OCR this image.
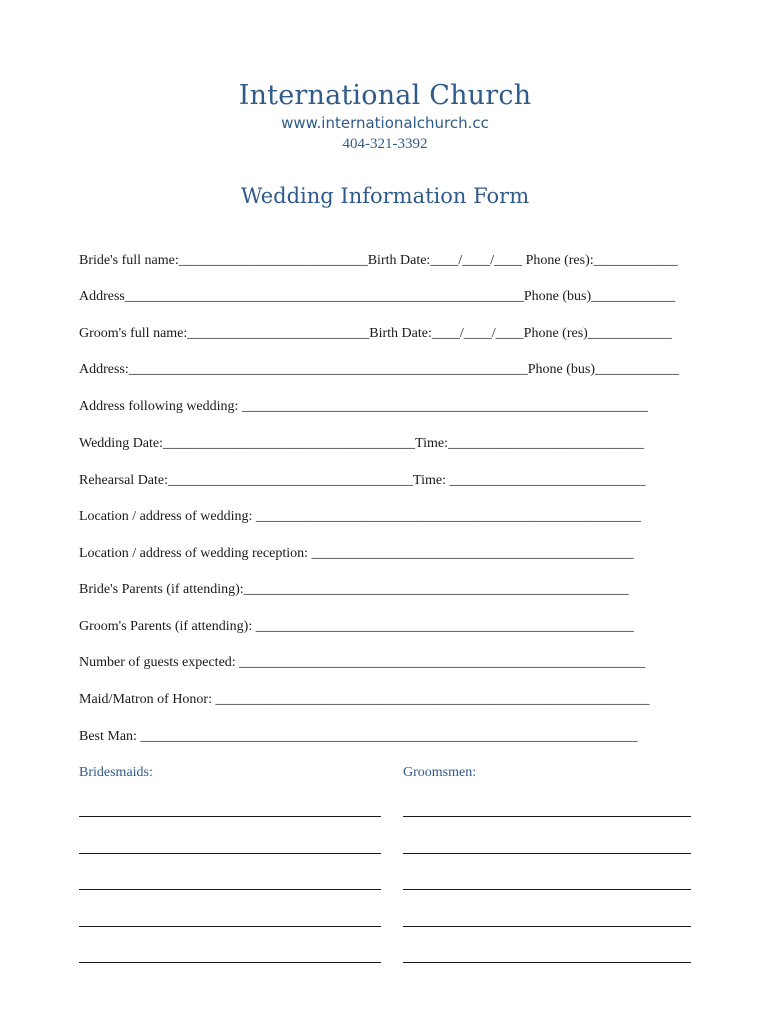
International Church
www.internationalchurch.cc
404-321-3392
Wedding Information Form
Bride's full name:___________________________Birth Date:____/____/____ Phone (res):____________
Address_________________________________________________________Phone (bus)____________
Groom's full name:__________________________Birth Date:____/____/____Phone (res)____________
Address:_________________________________________________________Phone (bus)____________
Address following wedding: __________________________________________________________
Wedding Date:____________________________________Time:____________________________
Rehearsal Date:___________________________________Time: ____________________________
Location / address of wedding: _______________________________________________________
Location / address of wedding reception: ______________________________________________
Bride's Parents (if attending):_______________________________________________________
Groom's Parents (if attending): ______________________________________________________
Number of guests expected: __________________________________________________________
Maid/Matron of Honor: ______________________________________________________________
Best Man: _______________________________________________________________________
Bridesmaids:	Groomsmen:
